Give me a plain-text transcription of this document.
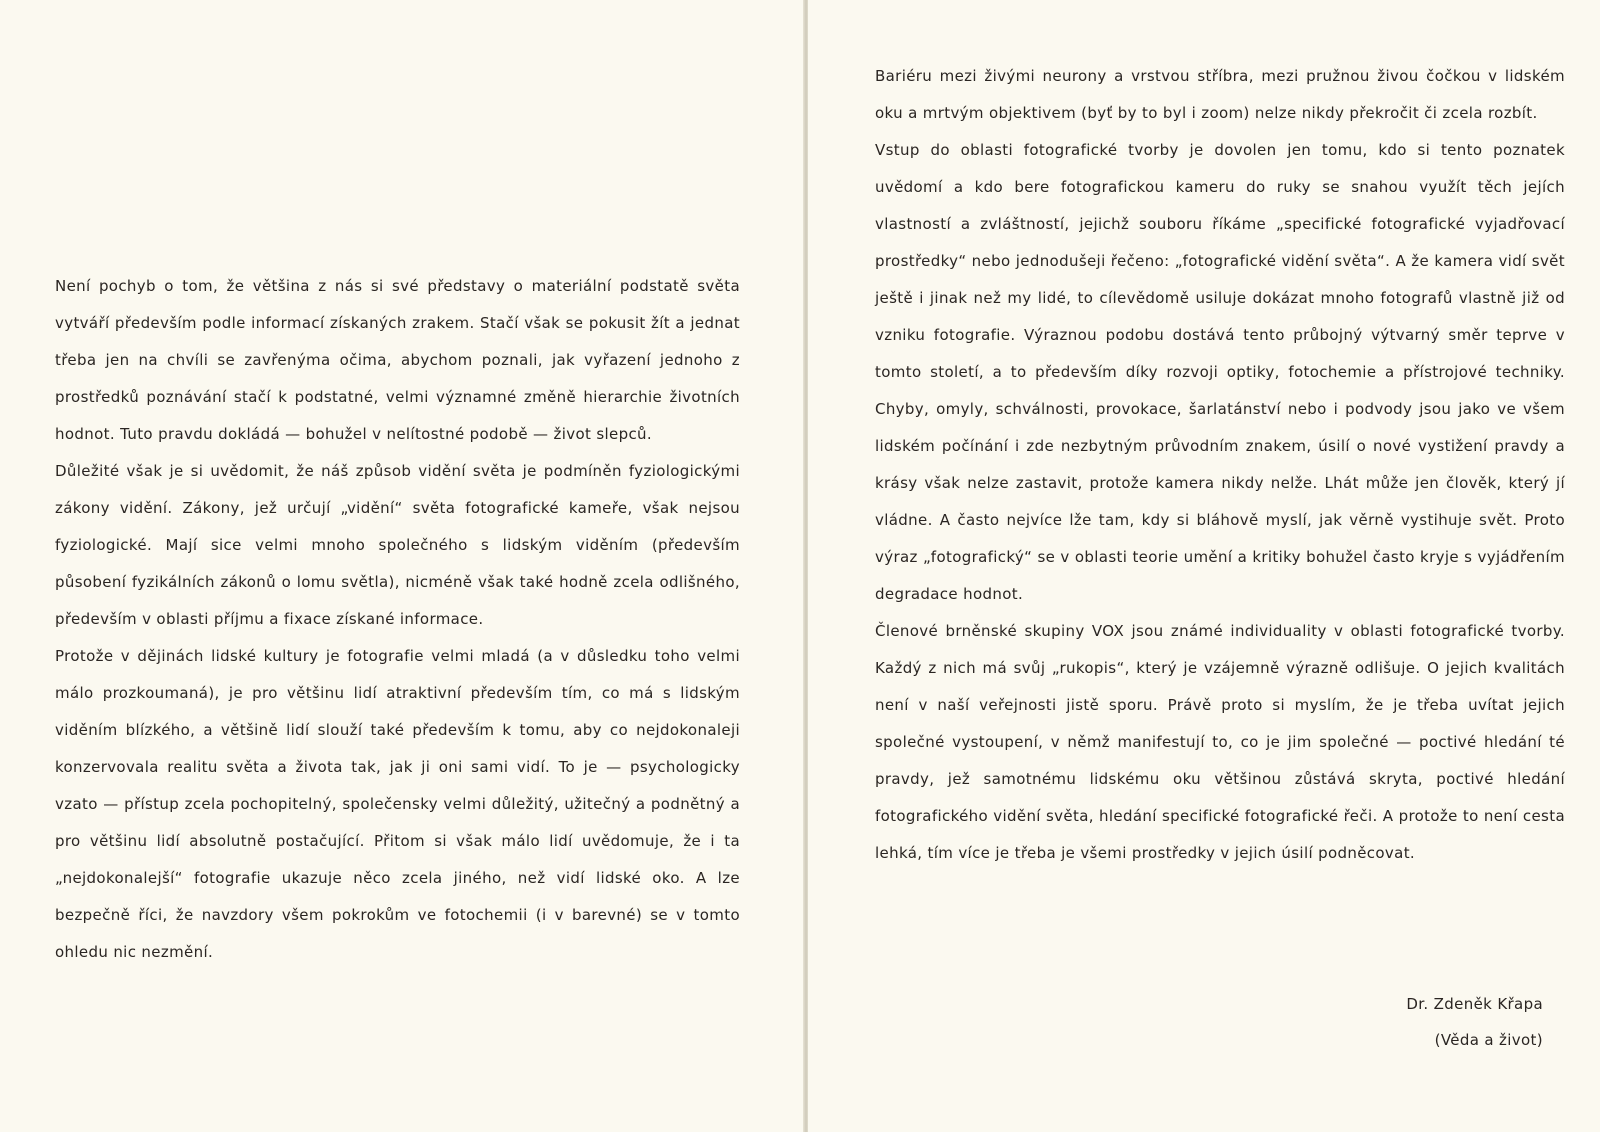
Není pochyb o tom, že většina z nás si své představy o materiální podstatě světa vytváří především podle informací získaných zrakem. Stačí však se pokusit žít a jednat třeba jen na chvíli se zavřenýma očima, abychom poznali, jak vyřazení jednoho z prostředků poznávání stačí k podstatné, velmi významné změně hierarchie životních hodnot. Tuto pravdu dokládá — bohužel v nelítostné podobě — život slepců.

Důležité však je si uvědomit, že náš způsob vidění světa je podmíněn fyziologickými zákony vidění. Zákony, jež určují „vidění“ světa fotografické kameře, však nejsou fyziologické. Mají sice velmi mnoho společného s lidským viděním (především působení fyzikálních zákonů o lomu světla), nicméně však také hodně zcela odlišného, především v oblasti příjmu a fixace získané informace.

Protože v dějinách lidské kultury je fotografie velmi mladá (a v důsledku toho velmi málo prozkoumaná), je pro většinu lidí atraktivní především tím, co má s lidským viděním blízkého, a většině lidí slouží také především k tomu, aby co nejdokonaleji konzervovala realitu světa a života tak, jak ji oni sami vidí. To je — psychologicky vzato — přístup zcela pochopitelný, společensky velmi důležitý, užitečný a podnětný a pro většinu lidí absolutně postačující. Přitom si však málo lidí uvědomuje, že i ta „nejdokonalejší“ fotografie ukazuje něco zcela jiného, než vidí lidské oko. A lze bezpečně říci, že navzdory všem pokrokům ve fotochemii (i v barevné) se v tomto ohledu nic nezmění.

Bariéru mezi živými neurony a vrstvou stříbra, mezi pružnou živou čočkou v lidském oku a mrtvým objektivem (byť by to byl i zoom) nelze nikdy překročit či zcela rozbít.

Vstup do oblasti fotografické tvorby je dovolen jen tomu, kdo si tento poznatek uvědomí a kdo bere fotografickou kameru do ruky se snahou využít těch jejích vlastností a zvláštností, jejichž souboru říkáme „specifické fotografické vyjadřovací prostředky“ nebo jednodušeji řečeno: „fotografické vidění světa“. A že kamera vidí svět ještě i jinak než my lidé, to cílevědomě usiluje dokázat mnoho fotografů vlastně již od vzniku fotografie. Výraznou podobu dostává tento průbojný výtvarný směr teprve v tomto století, a to především díky rozvoji optiky, fotochemie a přístrojové techniky. Chyby, omyly, schválnosti, provokace, šarlatánství nebo i podvody jsou jako ve všem lidském počínání i zde nezbytným průvodním znakem, úsilí o nové vystižení pravdy a krásy však nelze zastavit, protože kamera nikdy nelže. Lhát může jen člověk, který jí vládne. A často nejvíce lže tam, kdy si bláhově myslí, jak věrně vystihuje svět. Proto výraz „fotografický“ se v oblasti teorie umění a kritiky bohužel často kryje s vyjádřením degradace hodnot.

Členové brněnské skupiny VOX jsou známé individuality v oblasti fotografické tvorby. Každý z nich má svůj „rukopis“, který je vzájemně výrazně odlišuje. O jejich kvalitách není v naší veřejnosti jistě sporu. Právě proto si myslím, že je třeba uvítat jejich společné vystoupení, v němž manifestují to, co je jim společné — poctivé hledání té pravdy, jež samotnému lidskému oku většinou zůstává skryta, poctivé hledání fotografického vidění světa, hledání specifické fotografické řeči. A protože to není cesta lehká, tím více je třeba je všemi prostředky v jejich úsilí podněcovat.

Dr. Zdeněk Křapa
(Věda a život)
